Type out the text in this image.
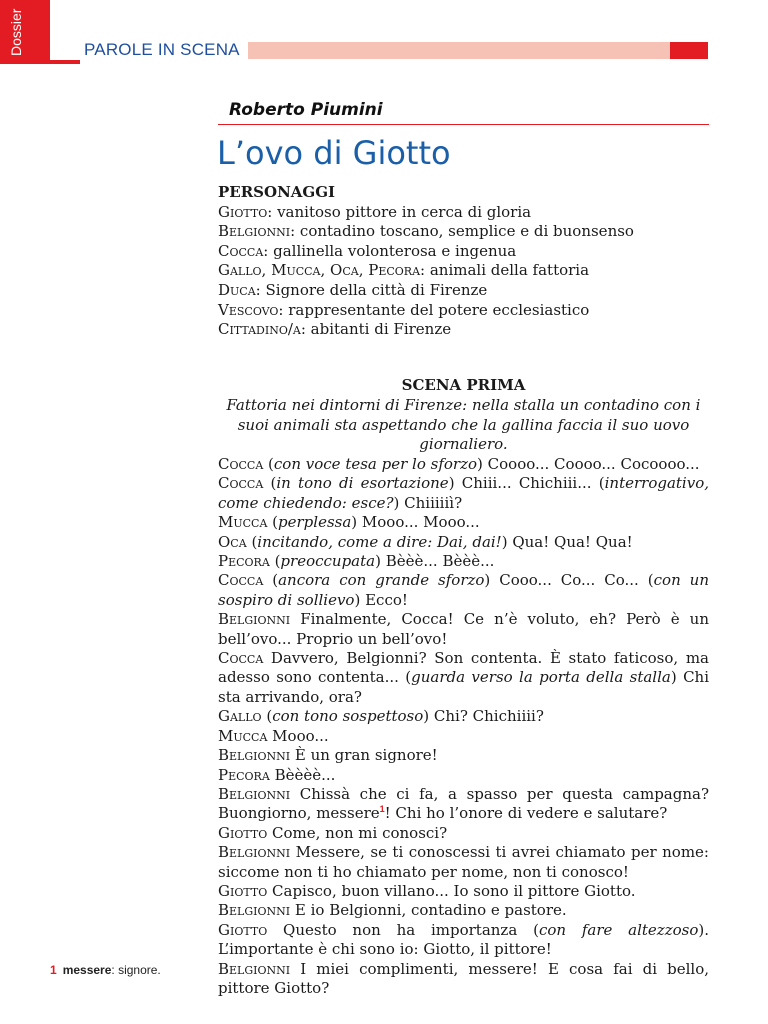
Dossier	PAROLE IN SCENA
Roberto Piumini
L’ovo di Giotto
PERSONAGGI
Giotto: vanitoso pittore in cerca di gloria
Belgionni: contadino toscano, semplice e di buonsenso
Cocca: gallinella volonterosa e ingenua
Gallo, Mucca, Oca, Pecora: animali della fattoria
Duca: Signore della città di Firenze
Vescovo: rappresentante del potere ecclesiastico
Cittadino/a: abitanti di Firenze
SCENA PRIMA
Fattoria nei dintorni di Firenze: nella stalla un contadino con i suoi animali sta aspettando che la gallina faccia il suo uovo giornaliero.

Cocca (con voce tesa per lo sforzo) Coooo... Coooo... Cocoooo...

Cocca (in tono di esortazione) Chiii... Chichiii... (interrogativo, come chiedendo: esce?) Chiiiiiì?

Mucca (perplessa) Mooo... Mooo...

Oca (incitando, come a dire: Dai, dai!) Qua! Qua! Qua!

Pecora (preoccupata) Bèèè... Bèèè...

Cocca (ancora con grande sforzo) Cooo... Co... Co... (con un sospiro di sollievo) Ecco!

Belgionni Finalmente, Cocca! Ce n’è voluto, eh? Però è un bell’ovo... Proprio un bell’ovo!

Cocca Davvero, Belgionni? Son contenta. È stato faticoso, ma adesso sono contenta... (guarda verso la porta della stalla) Chi sta arrivando, ora?

Gallo (con tono sospettoso) Chi? Chichiiii?

Mucca Mooo...

Belgionni È un gran signore!

Pecora Bèèèè...

Belgionni Chissà che ci fa, a spasso per questa campagna? Buongiorno, messere$^1$! Chi ho l’onore di vedere e salutare?

Giotto Come, non mi conosci?

Belgionni Messere, se ti conoscessi ti avrei chiamato per nome: siccome non ti ho chiamato per nome, non ti conosco!

Giotto Capisco, buon villano... Io sono il pittore Giotto.

Belgionni E io Belgionni, contadino e pastore.

Giotto Questo non ha importanza (con fare altezzoso). L’importante è chi sono io: Giotto, il pittore!

Belgionni I miei complimenti, messere! E cosa fai di bello, pittore Giotto?

1 messere: signore.
